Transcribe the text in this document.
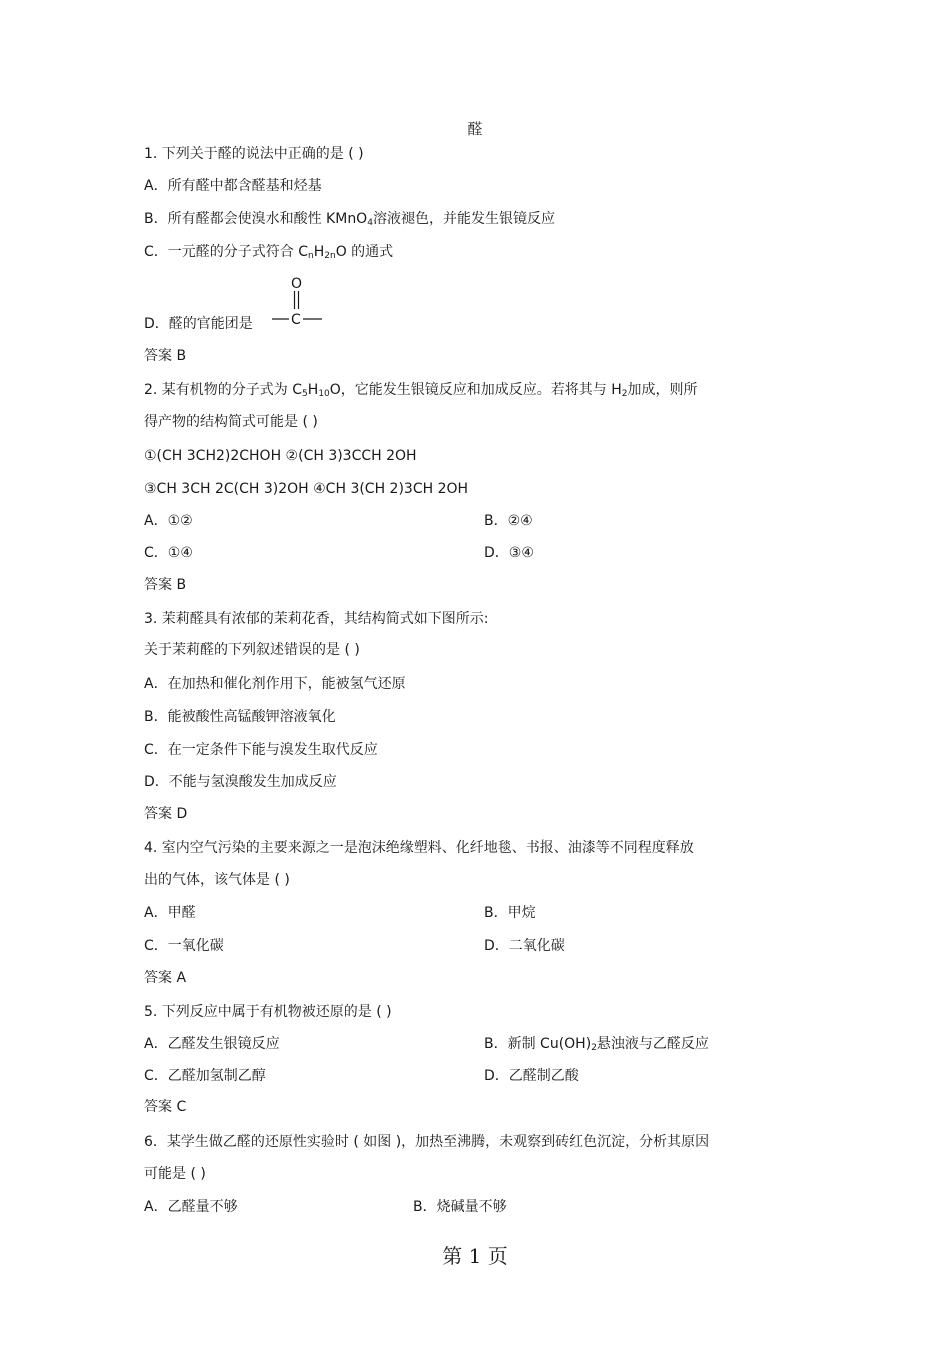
醛
1. 下列关于醛的说法中正确的是 ( )
A．所有醛中都含醛基和烃基
B．所有醛都会使溴水和酸性 KMnO$_4$溶液褪色，并能发生银镜反应
C．一元醛的分子式符合 $C_nH_{2n}O$ 的通式
O
C
D．醛的官能团是
答案 B
2. 某有机物的分子式为 $C_5H_{10}O$，它能发生银镜反应和加成反应。若将其与 $H_2$加成，则所
得产物的结构简式可能是 ( )
①(CH 3CH2)2CHOH ②(CH 3)3CCH 2OH
③CH 3CH 2C(CH 3)2OH ④CH 3(CH 2)3CH 2OH
A．①②	B．②④
C．①④	D．③④
答案 B
3. 茉莉醛具有浓郁的茉莉花香，其结构简式如下图所示:
关于茉莉醛的下列叙述错误的是 ( )
A．在加热和催化剂作用下，能被氢气还原
B．能被酸性高锰酸钾溶液氧化
C．在一定条件下能与溴发生取代反应
D．不能与氢溴酸发生加成反应
答案 D
4. 室内空气污染的主要来源之一是泡沫绝缘塑料、化纤地毯、书报、油漆等不同程度释放
出的气体，该气体是 ( )
A．甲醛	B．甲烷
C．一氧化碳	D．二氧化碳
答案 A
5. 下列反应中属于有机物被还原的是 ( )
A．乙醛发生银镜反应	B．新制 $Cu(OH)_2$悬浊液与乙醛反应
C．乙醛加氢制乙醇	D．乙醛制乙酸
答案 C
6．某学生做乙醛的还原性实验时 ( 如图 )，加热至沸腾，未观察到砖红色沉淀，分析其原因
可能是 ( )
A．乙醛量不够	B．烧碱量不够
第 1 页
